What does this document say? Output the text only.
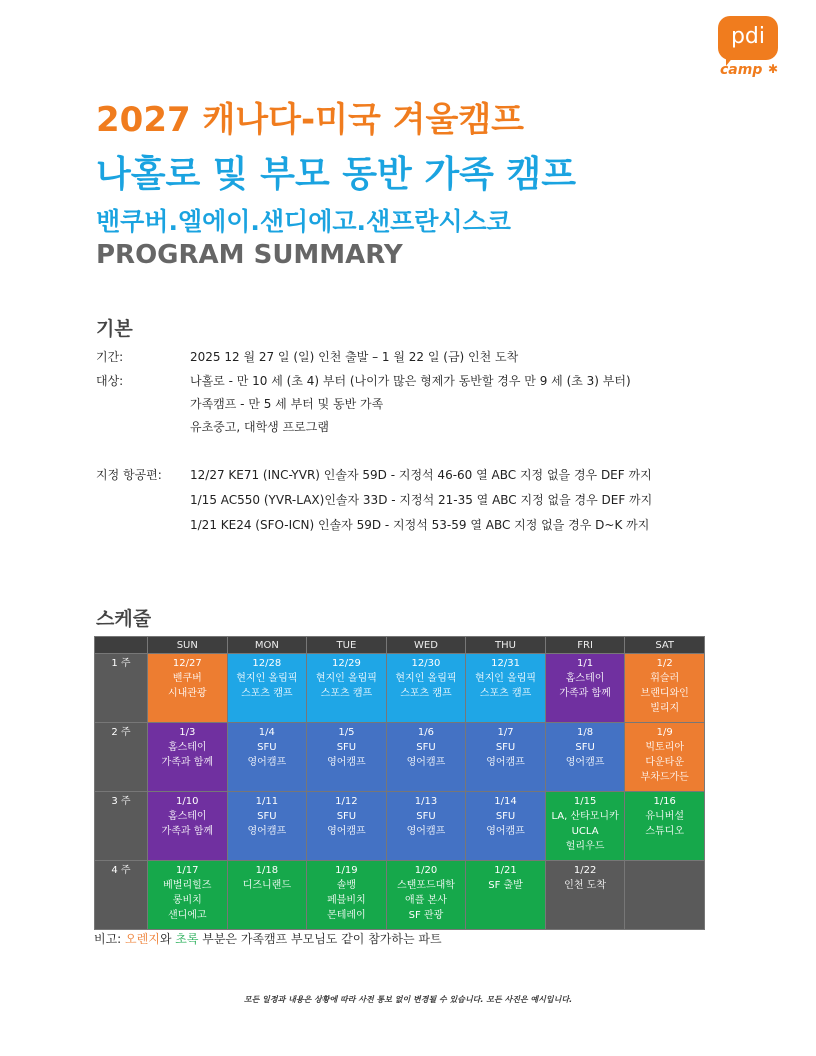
pdi
camp ✱
2027 캐나다-미국 겨울캠프
나홀로 및 부모 동반 가족 캠프
밴쿠버.엘에이.샌디에고.샌프란시스코
PROGRAM SUMMARY
기본
기간:	2025 12 월 27 일 (일) 인천 출발 – 1 월 22 일 (금) 인천 도착
대상:	나홀로 - 만 10 세 (초 4) 부터 (나이가 많은 형제가 동반할 경우 만 9 세 (초 3) 부터)
가족캠프 - 만 5 세 부터 및 동반 가족
유초중고, 대학생 프로그램
지정 항공편: 12/27 KE71 (INC-YVR) 인솔자 59D - 지정석 46-60 열 ABC 지정 없을 경우 DEF 까지
1/15 AC550 (YVR-LAX)인솔자 33D - 지정석 21-35 열 ABC 지정 없을 경우 DEF 까지
1/21 KE24 (SFO-ICN) 인솔자 59D - 지정석 53-59 열 ABC 지정 없을 경우 D~K 까지
스케줄
	SUN	MON	TUE	WED	THU	FRI	SAT
1 주	12/27
밴쿠버
시내관광	12/28
현지인 올림픽
스포츠 캠프	12/29
현지인 올림픽
스포츠 캠프	12/30
현지인 올림픽
스포츠 캠프	12/31
현지인 올림픽
스포츠 캠프	1/1
홈스테이
가족과 함께	1/2
휘슬러
브랜디와인
빌리지

2 주	1/3
홈스테이
가족과 함께	1/4
SFU
영어캠프	1/5
SFU
영어캠프	1/6
SFU
영어캠프	1/7
SFU
영어캠프	1/8
SFU
영어캠프	1/9
빅토리아
다운타운
부차드가든

3 주	1/10
홈스테이
가족과 함께	1/11
SFU
영어캠프	1/12
SFU
영어캠프	1/13
SFU
영어캠프	1/14
SFU
영어캠프	1/15
LA, 산타모니카
UCLA
헐리우드	1/16
유니버설
스튜디오

4 주	1/17
베벌리힐즈
롱비치
샌디에고	1/18
디즈니랜드	1/19
솔뱅
페블비치
몬테레이	1/20
스탠포드대학
애플 본사
SF 관광	1/21
SF 출발	1/22
인천 도착	

비고: 오렌지와 초록 부분은 가족캠프 부모님도 같이 참가하는 파트
모든 일정과 내용은 상황에 따라 사전 통보 없이 변경될 수 있습니다. 모든 사진은 예시입니다.
